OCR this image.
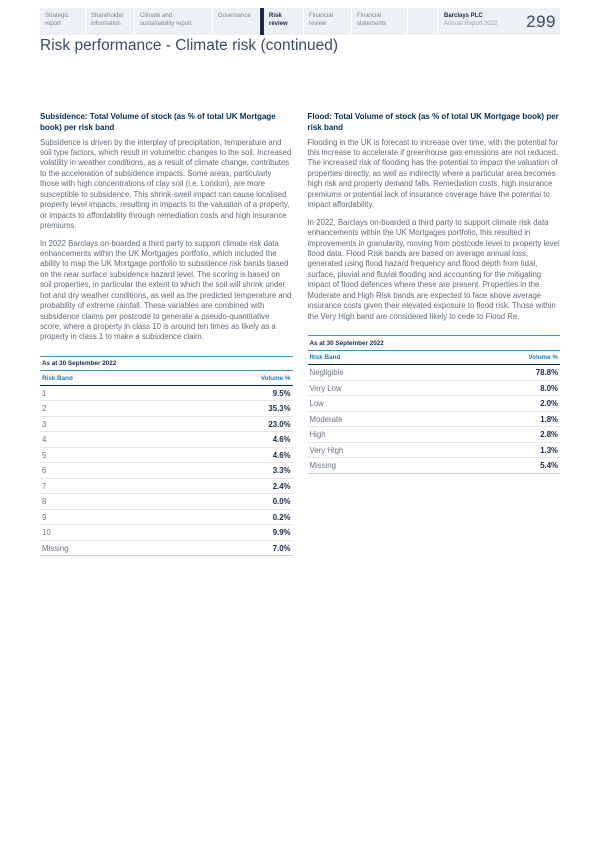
Strategic report
Shareholder information
Climate and sustainability report
Governance	Risk review
Financial review
Financial statements
Barclays PLC
Annual Report 2022	299
Risk performance - Climate risk (continued)
Subsidence: Total Volume of stock (as % of total UK Mortgage book) per risk band

Subsidence is driven by the interplay of precipitation, temperature and soil type factors, which result in volumetric changes to the soil. Increased volatility in weather conditions, as a result of climate change, contributes to the acceleration of subsidence impacts. Some areas, particularly those with high concentrations of clay soil (i.e. London), are more susceptible to subsidence. This shrink-swell impact can cause localised property level impacts, resulting in impacts to the valuation of a property, or impacts to affordability through remediation costs and high insurance premiums.

In 2022 Barclays on-boarded a third party to support climate risk data enhancements within the UK Mortgages portfolio, which included the ability to map the UK Mortgage portfolio to subsidence risk bands based on the near surface subsidence hazard level. The scoring is based on soil properties, in particular the extent to which the soil will shrink under hot and dry weather conditions, as well as the predicted temperature and probability of extreme rainfall. These variables are combined with subsidence claims per postcode to generate a pseudo-quantitative score, where a property in class 10 is around ten times as likely as a property in class 1 to make a subsidence claim.

As at 30 September 2022
Risk Band	Volume %
1	9.5%
2	35.3%
3	23.0%
4	4.6%
5	4.6%
6	3.3%
7	2.4%
8	0.0%
9	0.2%
10	9.9%
Missing	7.0%
Flood: Total Volume of stock (as % of total UK Mortgage book) per risk band

Flooding in the UK is forecast to increase over time, with the potential for this increase to accelerate if greenhouse gas emissions are not reduced. The increased risk of flooding has the potential to impact the valuation of properties directly, as well as indirectly where a particular area becomes high risk and property demand falls. Remediation costs, high insurance premiums or potential lack of insurance coverage have the potential to impact affordability.

In 2022, Barclays on-boarded a third party to support climate risk data enhancements within the UK Mortgages portfolio, this resulted in improvements in granularity, moving from postcode level to property level flood data. Flood Risk bands are based on average annual loss, generated using flood hazard frequency and flood depth from tidal, surface, pluvial and fluvial flooding and accounting for the mitigating impact of flood defences where these are present. Properties in the Moderate and High Risk bands are expected to face above average insurance costs given their elevated exposure to flood risk. Those within the Very High band are considered likely to cede to Flood Re.

As at 30 September 2022
Risk Band	Volume %
Negligible	78.8%
Very Low	8.0%
Low	2.0%
Moderate	1.8%
High	2.8%
Very High	1.3%
Missing	5.4%
